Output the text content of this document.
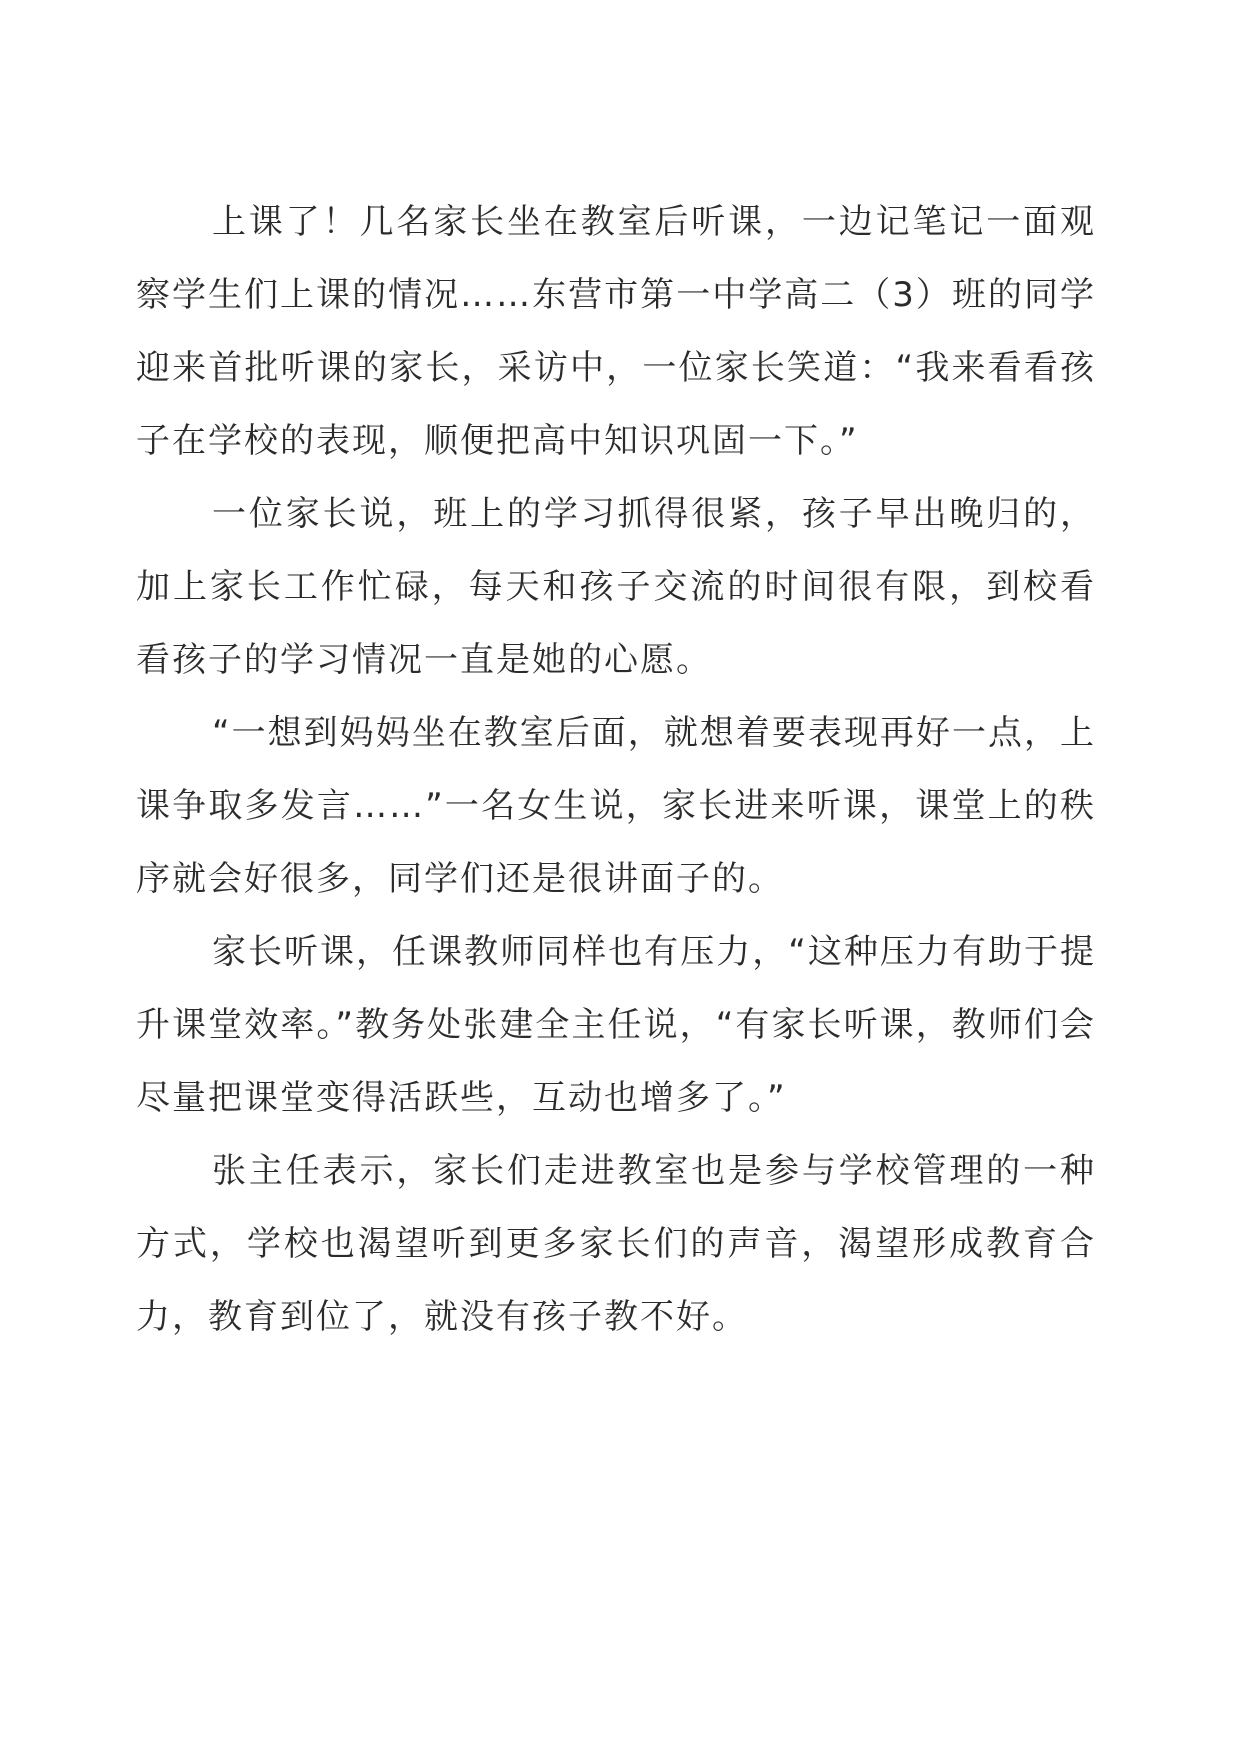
上课了！几名家长坐在教室后听课，一边记笔记一面观察学生们上课的情况……东营市第一中学高二（3）班的同学迎来首批听课的家长，采访中，一位家长笑道：“我来看看孩子在学校的表现，顺便把高中知识巩固一下。”

一位家长说，班上的学习抓得很紧，孩子早出晚归的，加上家长工作忙碌，每天和孩子交流的时间很有限，到校看看孩子的学习情况一直是她的心愿。

“一想到妈妈坐在教室后面，就想着要表现再好一点，上课争取多发言……”一名女生说，家长进来听课，课堂上的秩序就会好很多，同学们还是很讲面子的。

家长听课，任课教师同样也有压力，“这种压力有助于提升课堂效率。”教务处张建全主任说，“有家长听课，教师们会尽量把课堂变得活跃些，互动也增多了。”

张主任表示，家长们走进教室也是参与学校管理的一种方式，学校也渴望听到更多家长们的声音，渴望形成教育合力，教育到位了，就没有孩子教不好。
